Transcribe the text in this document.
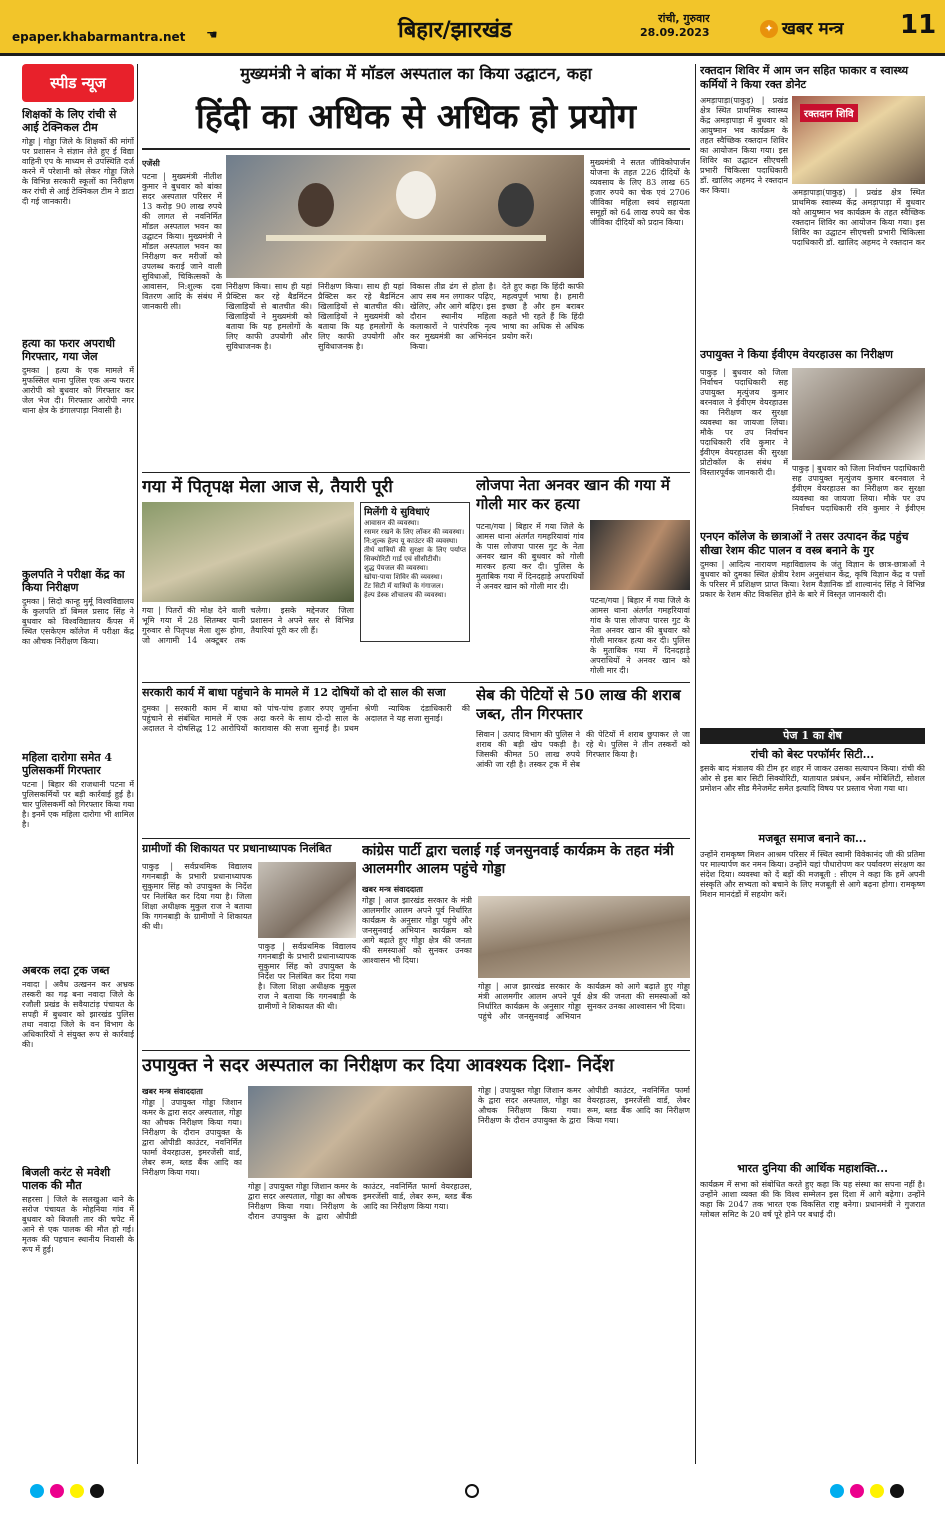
epaper.khabarmantra.net ☚	बिहार/झारखंड	रांची, गुरुवार
28.09.2023	✦ खबर मन्त्र 11
स्पीड न्यूज
शिक्षकों के लिए रांची से आई टेक्निकल टीम
गोड्डा | गोड्डा जिले के शिक्षकों की मांगों पर प्रशासन ने संज्ञान लेते हुए ई विद्या वाहिनी एप के माध्यम से उपस्थिति दर्ज करने में परेशानी को लेकर गोड्डा जिले के विभिन्न सरकारी स्कूलों का निरीक्षण कर रांची से आई टेक्निकल टीम ने डाटा दी गई जानकारी।
हत्या का फरार अपराधी गिरफ्तार, गया जेल
दुमका | हत्या के एक मामले में मुफस्सिल थाना पुलिस एक अन्य फरार आरोपी को बुधवार को गिरफ्तार कर जेल भेज दी। गिरफ्तार आरोपी नगर थाना क्षेत्र के डंगालपाड़ा निवासी है।
कुलपति ने परीक्षा केंद्र का किया निरीक्षण
दुमका | सिदो कान्हू मुर्मू विश्वविद्यालय के कुलपति डॉ बिमल प्रसाद सिंह ने बुधवार को विश्वविद्यालय कैंपस में स्थित एसकेएम कॉलेज में परीक्षा केंद्र का औचक निरीक्षण किया।
महिला दारोगा समेत 4 पुलिसकर्मी गिरफ्तार
पटना | बिहार की राजधानी पटना में पुलिसकर्मियों पर बड़ी कार्रवाई हुई है। चार पुलिसकर्मी को गिरफ्तार किया गया है। इनमें एक महिला दारोगा भी शामिल है।
अबरक लदा ट्रक जब्त
नवादा | अवैध उत्खनन कर अभ्रक तस्करी का गढ़ बना नवादा जिले के रजौली प्रखंड के सवैयाटांड़ पंचायत के सपही में बुधवार को झारखंड पुलिस तथा नवादा जिले के वन विभाग के अधिकारियों ने संयुक्त रूप से कार्रवाई की।
बिजली करंट से मवेशी पालक की मौत
सहरसा | जिले के सलखुआ थाने के सरोज पंचायत के मोहनिया गांव में बुधवार को बिजली तार की चपेट में आने से एक पालक की मौत हो गई। मृतक की पहचान स्थानीय निवासी के रूप में हुई।
मुख्यमंत्री ने बांका में मॉडल अस्पताल का किया उद्घाटन, कहा
हिंदी का अधिक से अधिक हो प्रयोग
एजेंसी
पटना | मुख्यमंत्री नीतीश कुमार ने बुधवार को बांका सदर अस्पताल परिसर में 13 करोड़ 90 लाख रुपये की लागत से नवनिर्मित मॉडल अस्पताल भवन का उद्घाटन किया। मुख्यमंत्री ने मॉडल अस्पताल भवन का निरीक्षण कर मरीजों को उपलब्ध कराई जाने वाली सुविधाओं, चिकित्सकों के आवासन, नि:शुल्क दवा वितरण आदि के संबंध में जानकारी ली।
निरीक्षण किया। साथ ही यहां प्रैक्टिस कर रहे बैडमिंटन खिलाड़ियों से बातचीत की। खिलाड़ियों ने मुख्यमंत्री को बताया कि यह हमलोगों के लिए काफी उपयोगी और सुविधाजनक है।
निरीक्षण किया। साथ ही यहां प्रैक्टिस कर रहे बैडमिंटन खिलाड़ियों से बातचीत की। खिलाड़ियों ने मुख्यमंत्री को बताया कि यह हमलोगों के लिए काफी उपयोगी और सुविधाजनक है।
विकास तीव्र ढंग से होता है। आप सब मन लगाकर पढ़िए, खेलिए, और आगे बढ़िए। इस दौरान स्थानीय महिला कलाकारों ने पारंपरिक नृत्य कर मुख्यमंत्री का अभिनंदन किया।
देते हुए कहा कि हिंदी काफी महत्वपूर्ण भाषा है। हमारी इच्छा है और हम बराबर कहते भी रहते हैं कि हिंदी भाषा का अधिक से अधिक प्रयोग करें।
मुख्यमंत्री ने सतत जीविकोपार्जन योजना के तहत 226 दीदियों के व्यवसाय के लिए 83 लाख 65 हजार रुपये का चेक एवं 2706 जीविका महिला स्वयं सहायता समूहों को 64 लाख रुपये का चेक जीविका दीदियों को प्रदान किया।
गया में पितृपक्ष मेला आज से, तैयारी पूरी
मिलेंगी ये सुविधाएं
आवासन की व्यवस्था।
रसमर रखने के लिए लॉकर की व्यवस्था।
नि:शुल्क हेल्प यू काउंटर की व्यवस्था।
तीर्थ यात्रियों की सुरक्षा के लिए पर्याप्त सिक्योरिटी गार्ड एवं सीसीटीवी।
शुद्ध पेयजल की व्यवस्था।
खोया-पाया शिविर की व्यवस्था।
टेंट सिटी में यात्रियों के गंगाजल।
हेल्प डेस्क शौचालय की व्यवस्था।
गया | पितरों की मोक्ष देने वाली भूमि गया में 28 सितम्बर यानी गुरुवार से पितृपक्ष मेला शुरू होगा, जो आगामी 14 अक्टूबर तक चलेगा। इसके मद्देनजर जिला प्रशासन ने अपने स्तर से विभिन्न तैयारियां पूरी कर ली हैं।
लोजपा नेता अनवर खान की गया में गोली मार कर हत्या
पटना/गया | बिहार में गया जिले के आमस थाना अंतर्गत गमहरियावां गांव के पास लोजपा पारस गुट के नेता अनवर खान की बुधवार को गोली मारकर हत्या कर दी। पुलिस के मुताबिक गया में दिनदहाड़े अपराधियों ने अनवर खान को गोली मार दी।
पटना/गया | बिहार में गया जिले के आमस थाना अंतर्गत गमहरियावां गांव के पास लोजपा पारस गुट के नेता अनवर खान की बुधवार को गोली मारकर हत्या कर दी। पुलिस के मुताबिक गया में दिनदहाड़े अपराधियों ने अनवर खान को गोली मार दी।
सरकारी कार्य में बाधा पहुंचाने के मामले में 12 दोषियों को दो साल की सजा
दुमका | सरकारी काम में बाधा पहुंचाने से संबंधित मामले में एक अदालत ने दोषसिद्ध 12 आरोपियों को पांच-पांच हजार रुपए जुर्माना अदा करने के साथ दो-दो साल के कारावास की सजा सुनाई है। प्रथम श्रेणी न्यायिक दंडाधिकारी की अदालत ने यह सजा सुनाई।
सेब की पेटियों से 50 लाख की शराब जब्त, तीन गिरफ्तार
सिवान | उत्पाद विभाग की पुलिस ने शराब की बड़ी खेप पकड़ी है। जिसकी कीमत 50 लाख रुपये आंकी जा रही है। तस्कर ट्रक में सेब की पेटियों में शराब छुपाकर ले जा रहे थे। पुलिस ने तीन तस्करों को गिरफ्तार किया है।
ग्रामीणों की शिकायत पर प्रधानाध्यापक निलंबित
पाकुड़ | सर्वप्रथमिक विद्यालय गगनबाड़ी के प्रभारी प्रधानाध्यापक सुकुमार सिंह को उपायुक्त के निर्देश पर निलंबित कर दिया गया है। जिला शिक्षा अधीक्षक मुकुल राज ने बताया कि गगनबाड़ी के ग्रामीणों ने शिकायत की थी।
पाकुड़ | सर्वप्रथमिक विद्यालय गगनबाड़ी के प्रभारी प्रधानाध्यापक सुकुमार सिंह को उपायुक्त के निर्देश पर निलंबित कर दिया गया है। जिला शिक्षा अधीक्षक मुकुल राज ने बताया कि गगनबाड़ी के ग्रामीणों ने शिकायत की थी।
कांग्रेस पार्टी द्वारा चलाई गई जनसुनवाई कार्यक्रम के तहत मंत्री आलमगीर आलम पहुंचे गोड्डा
खबर मन्त्र संवाददाता
गोड्डा | आज झारखंड सरकार के मंत्री आलमगीर आलम अपने पूर्व निर्धारित कार्यक्रम के अनुसार गोड्डा पहुंचे और जनसुनवाई अभियान कार्यक्रम को आगे बढ़ाते हुए गोड्डा क्षेत्र की जनता की समस्याओं को सुनकर उनका आश्वासन भी दिया।
गोड्डा | आज झारखंड सरकार के मंत्री आलमगीर आलम अपने पूर्व निर्धारित कार्यक्रम के अनुसार गोड्डा पहुंचे और जनसुनवाई अभियान कार्यक्रम को आगे बढ़ाते हुए गोड्डा क्षेत्र की जनता की समस्याओं को सुनकर उनका आश्वासन भी दिया।
उपायुक्त ने सदर अस्पताल का निरीक्षण कर दिया आवश्यक दिशा- निर्देश
खबर मन्त्र संवाददाता
गोड्डा | उपायुक्त गोड्डा जिशान कमर के द्वारा सदर अस्पताल, गोड्डा का औचक निरीक्षण किया गया। निरीक्षण के दौरान उपायुक्त के द्वारा ओपीडी काउंटर, नवनिर्मित फार्मा वेयरहाउस, इमरजेंसी वार्ड, लेबर रूम, ब्लड बैंक आदि का निरीक्षण किया गया।
गोड्डा | उपायुक्त गोड्डा जिशान कमर के द्वारा सदर अस्पताल, गोड्डा का औचक निरीक्षण किया गया। निरीक्षण के दौरान उपायुक्त के द्वारा ओपीडी काउंटर, नवनिर्मित फार्मा वेयरहाउस, इमरजेंसी वार्ड, लेबर रूम, ब्लड बैंक आदि का निरीक्षण किया गया।
गोड्डा | उपायुक्त गोड्डा जिशान कमर के द्वारा सदर अस्पताल, गोड्डा का औचक निरीक्षण किया गया। निरीक्षण के दौरान उपायुक्त के द्वारा ओपीडी काउंटर, नवनिर्मित फार्मा वेयरहाउस, इमरजेंसी वार्ड, लेबर रूम, ब्लड बैंक आदि का निरीक्षण किया गया।
रक्तदान शिविर में आम जन सहित फाकार व स्वास्थ्य कर्मियों ने किया रक्त डोनेट
अमड़ापाड़ा(पाकुड़) | प्रखंड क्षेत्र स्थित प्राथमिक स्वास्थ्य केंद्र अमड़ापाड़ा में बुधवार को आयुष्मान भव कार्यक्रम के तहत स्वैच्छिक रक्तदान शिविर का आयोजन किया गया। इस शिविर का उद्घाटन सीएचसी प्रभारी चिकित्सा पदाधिकारी डॉ. खालिद अहमद ने रक्तदान कर किया।
रक्तदान शिवि
अमड़ापाड़ा(पाकुड़) | प्रखंड क्षेत्र स्थित प्राथमिक स्वास्थ्य केंद्र अमड़ापाड़ा में बुधवार को आयुष्मान भव कार्यक्रम के तहत स्वैच्छिक रक्तदान शिविर का आयोजन किया गया। इस शिविर का उद्घाटन सीएचसी प्रभारी चिकित्सा पदाधिकारी डॉ. खालिद अहमद ने रक्तदान कर
उपायुक्त ने किया ईवीएम वेयरहाउस का निरीक्षण
पाकुड़ | बुधवार को जिला निर्वाचन पदाधिकारी सह उपायुक्त मृत्युंजय कुमार बरनवाल ने ईवीएम वेयरहाउस का निरीक्षण कर सुरक्षा व्यवस्था का जायजा लिया। मौके पर उप निर्वाचन पदाधिकारी रवि कुमार ने ईवीएम वेयरहाउस की सुरक्षा प्रोटोकॉल के संबंध में विस्तारपूर्वक जानकारी दी।	पाकुड़ | बुधवार को जिला निर्वाचन पदाधिकारी सह उपायुक्त मृत्युंजय कुमार बरनवाल ने ईवीएम वेयरहाउस का निरीक्षण कर सुरक्षा व्यवस्था का जायजा लिया। मौके पर उप निर्वाचन पदाधिकारी रवि कुमार ने ईवीएम
एनएन कॉलेज के छात्राओं ने तसर उत्पादन केंद्र पहुंच सीखा रेशम कीट पालन व वस्त्र बनाने के गुर
दुमका | आदित्य नारायण महाविद्यालय के जंतु विज्ञान के छात्र-छात्राओं ने बुधवार को दुमका स्थित क्षेत्रीय रेशम अनुसंधान केंद्र, कृषि विज्ञान केंद्र व पत्तों के परिसर में प्रशिक्षण प्राप्त किया। रेशम वैज्ञानिक डॉ शाल्वानंद सिंह ने विभिन्न प्रकार के रेशम कीट विकसित होने के बारे में विस्तृत जानकारी दी।
पेज 1 का शेष
रांची को बेस्ट परफॉर्मर सिटी...
इसके बाद मंत्रालय की टीम हर शहर में जाकर उसका सत्यापन किया। रांची की ओर से इस बार सिटी सिक्योरिटी, यातायात प्रबंधन, अर्बन मोबिलिटी, सोशल प्रमोशन और सीड मैनेजमेंट समेत इत्यादि विषय पर प्रस्ताव भेजा गया था।
मजबूत समाज बनाने का...
उन्होंने रामकृष्ण मिशन आश्रम परिसर में स्थित स्वामी विवेकानंद जी की प्रतिमा पर माल्यार्पण कर नमन किया। उन्होंने यहां पौधारोपण कर पर्यावरण संरक्षण का संदेश दिया। व्यवस्था को दें बड़ों की मजबूती : सीएम ने कहा कि हमें अपनी संस्कृति और सभ्यता को बचाने के लिए मजबूती से आगे बढ़ना होगा। रामकृष्ण मिशन मानदंडों में सहयोग करें।
भारत दुनिया की आर्थिक महाशक्ति...
कार्यक्रम में सभा को संबोधित करते हुए कहा कि यह संस्था का सपना नहीं है। उन्होंने आशा व्यक्त की कि विश्व सम्मेलन इस दिशा में आगे बढ़ेगा। उन्होंने कहा कि 2047 तक भारत एक विकसित राष्ट्र बनेगा। प्रधानमंत्री ने गुजरात ग्लोबल समिट के 20 वर्ष पूरे होने पर बधाई दी।
